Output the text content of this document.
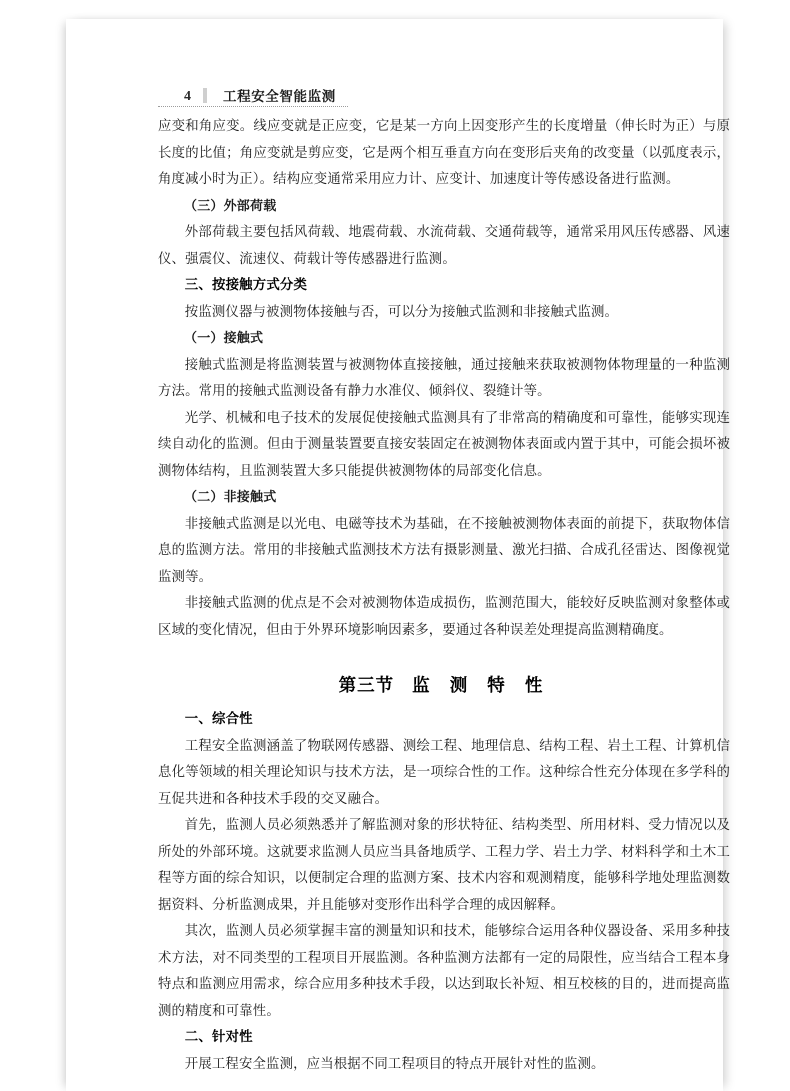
4 工程安全智能监测

应变和角应变。线应变就是正应变，它是某一方向上因变形产生的长度增量（伸长时为正）与原长度的比值；角应变就是剪应变，它是两个相互垂直方向在变形后夹角的改变量（以弧度表示，角度减小时为正）。结构应变通常采用应力计、应变计、加速度计等传感设备进行监测。

（三）外部荷载

外部荷载主要包括风荷载、地震荷载、水流荷载、交通荷载等，通常采用风压传感器、风速仪、强震仪、流速仪、荷载计等传感器进行监测。

三、按接触方式分类

按监测仪器与被测物体接触与否，可以分为接触式监测和非接触式监测。

（一）接触式

接触式监测是将监测装置与被测物体直接接触，通过接触来获取被测物体物理量的一种监测方法。常用的接触式监测设备有静力水准仪、倾斜仪、裂缝计等。

光学、机械和电子技术的发展促使接触式监测具有了非常高的精确度和可靠性，能够实现连续自动化的监测。但由于测量装置要直接安装固定在被测物体表面或内置于其中，可能会损坏被测物体结构，且监测装置大多只能提供被测物体的局部变化信息。

（二）非接触式

非接触式监测是以光电、电磁等技术为基础，在不接触被测物体表面的前提下，获取物体信息的监测方法。常用的非接触式监测技术方法有摄影测量、激光扫描、合成孔径雷达、图像视觉监测等。

非接触式监测的优点是不会对被测物体造成损伤，监测范围大，能较好反映监测对象整体或区域的变化情况，但由于外界环境影响因素多，要通过各种误差处理提高监测精确度。

第三节 监 测 特 性

一、综合性

工程安全监测涵盖了物联网传感器、测绘工程、地理信息、结构工程、岩土工程、计算机信息化等领域的相关理论知识与技术方法，是一项综合性的工作。这种综合性充分体现在多学科的互促共进和各种技术手段的交叉融合。

首先，监测人员必须熟悉并了解监测对象的形状特征、结构类型、所用材料、受力情况以及所处的外部环境。这就要求监测人员应当具备地质学、工程力学、岩土力学、材料科学和土木工程等方面的综合知识，以便制定合理的监测方案、技术内容和观测精度，能够科学地处理监测数据资料、分析监测成果，并且能够对变形作出科学合理的成因解释。

其次，监测人员必须掌握丰富的测量知识和技术，能够综合运用各种仪器设备、采用多种技术方法，对不同类型的工程项目开展监测。各种监测方法都有一定的局限性，应当结合工程本身特点和监测应用需求，综合应用多种技术手段，以达到取长补短、相互校核的目的，进而提高监测的精度和可靠性。

二、针对性

开展工程安全监测，应当根据不同工程项目的特点开展针对性的监测。
